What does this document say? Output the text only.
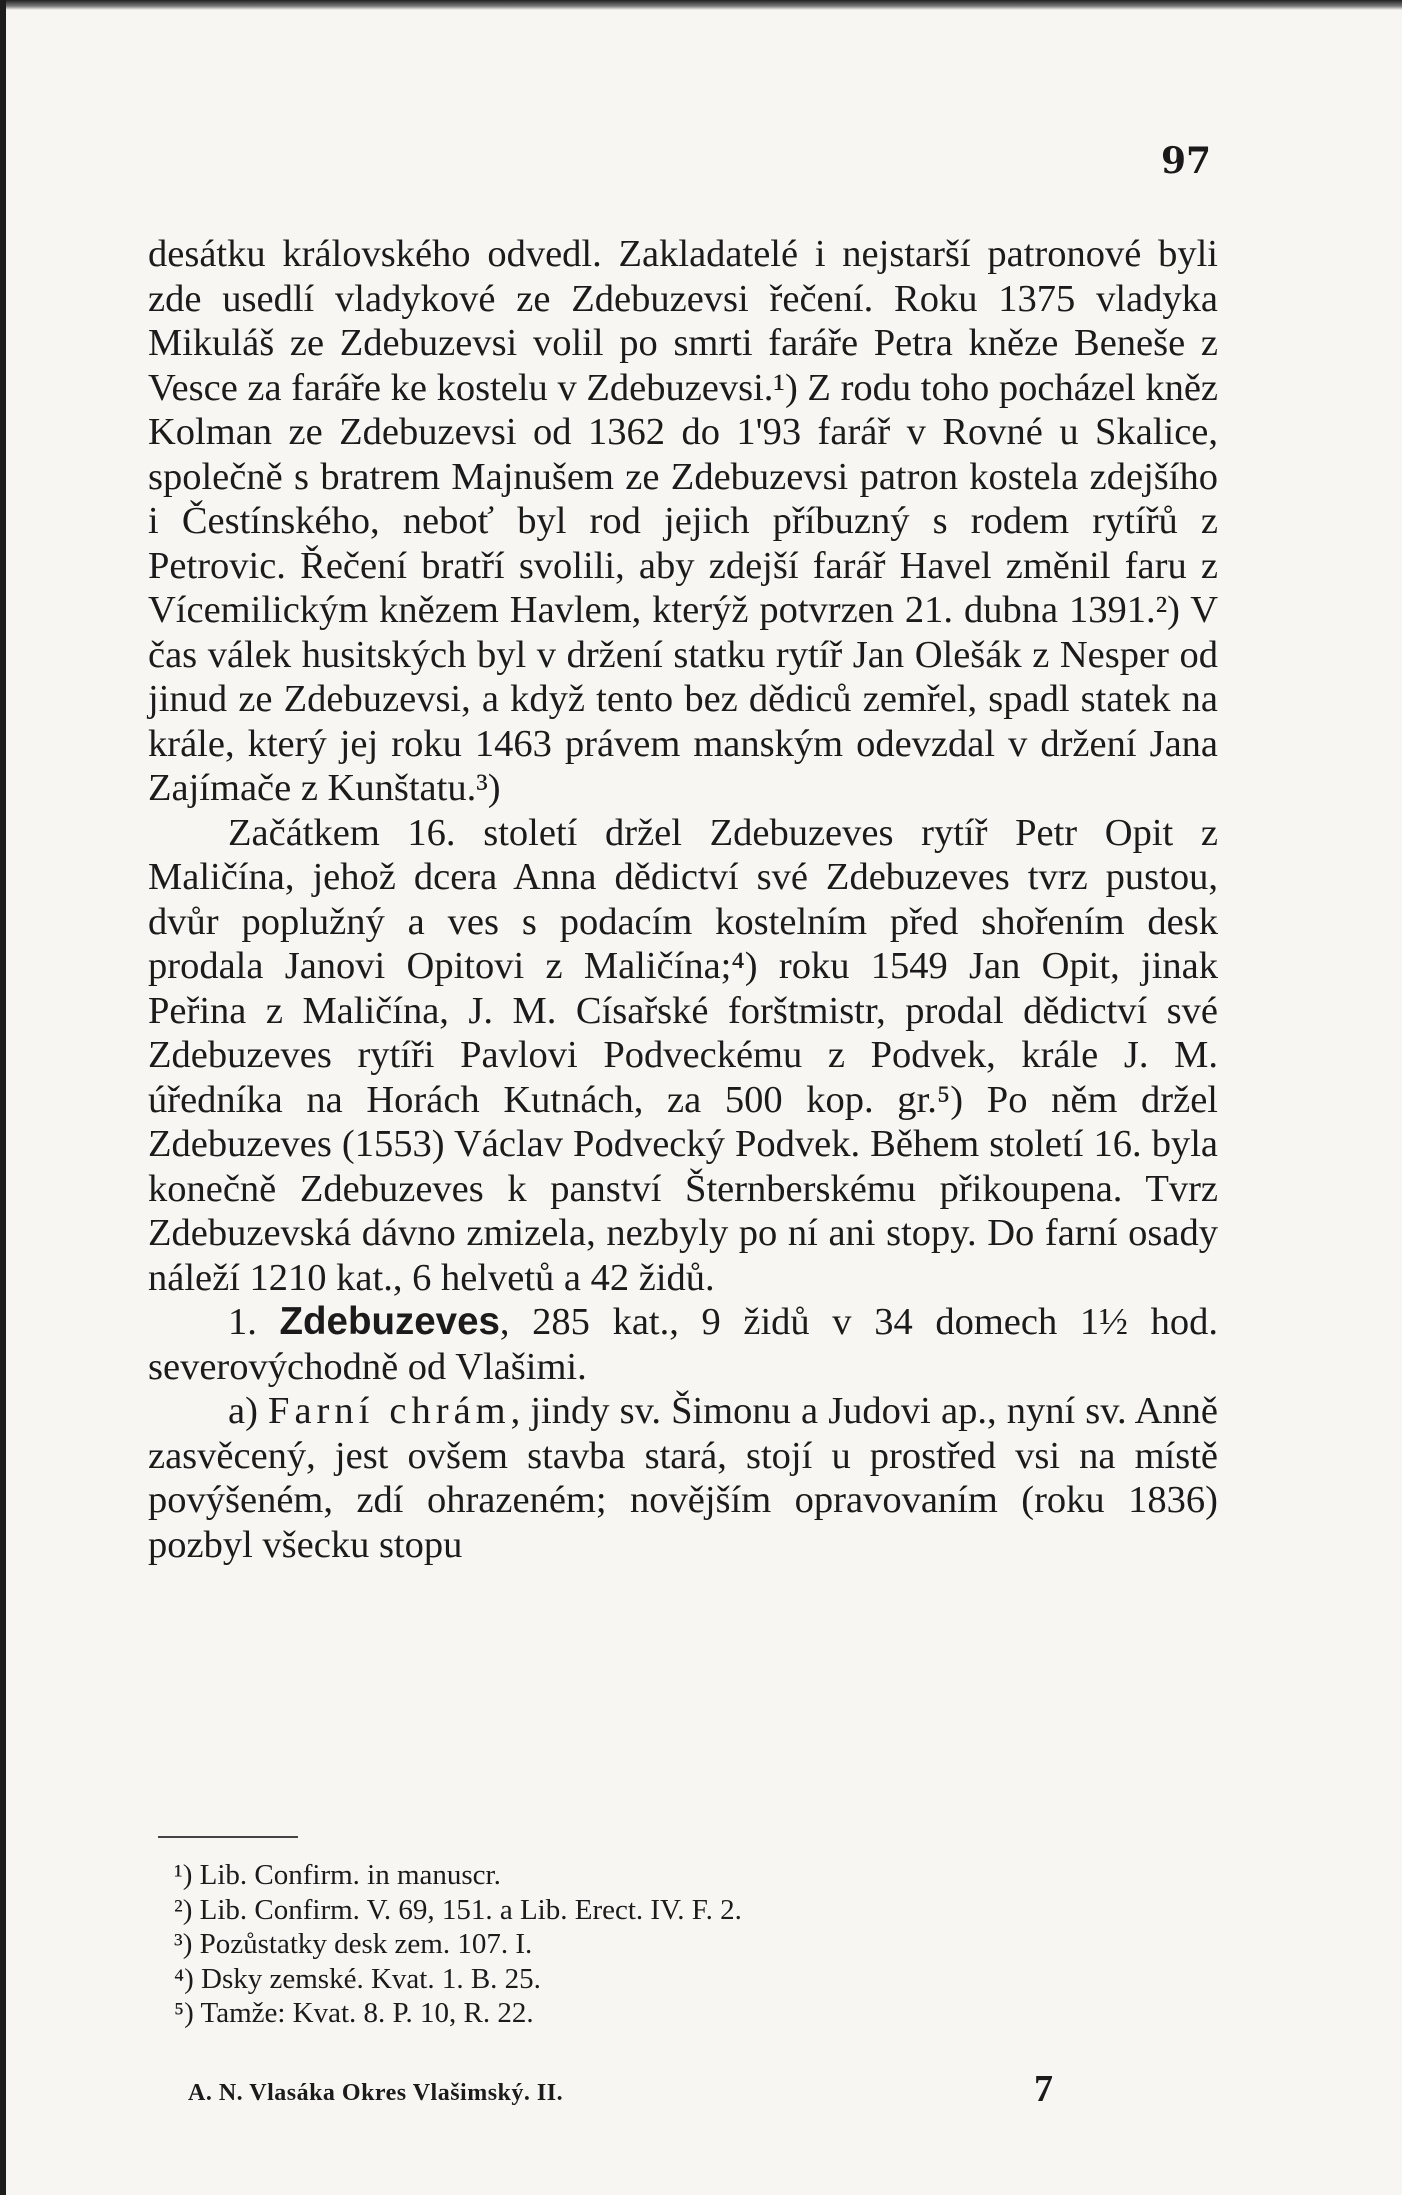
97

desátku královského odvedl. Zakladatelé i nejstarší patronové byli zde usedlí vladykové ze Zdebuzevsi řečení. Roku 1375 vladyka Mikuláš ze Zdebuzevsi volil po smrti faráře Petra kněze Beneše z Vesce za faráře ke kostelu v Zdebuzevsi.¹) Z rodu toho pocházel kněz Kolman ze Zdebuzevsi od 1362 do 1'93 farář v Rovné u Skalice, společně s bratrem Majnušem ze Zdebuzevsi patron kostela zdejšího i Čestínského, neboť byl rod jejich příbuzný s rodem rytířů z Petrovic. Řečení bratří svolili, aby zdejší farář Havel změnil faru z Vícemilickým knězem Havlem, kterýž potvrzen 21. dubna 1391.²) V čas válek husitských byl v držení statku rytíř Jan Olešák z Nesper od jinud ze Zdebuzevsi, a když tento bez dědiců zemřel, spadl statek na krále, který jej roku 1463 právem manským odevzdal v držení Jana Zajímače z Kunštatu.³)

Začátkem 16. století držel Zdebuzeves rytíř Petr Opit z Maličína, jehož dcera Anna dědictví své Zdebuzeves tvrz pustou, dvůr poplužný a ves s podacím kostelním před shořením desk prodala Janovi Opitovi z Maličína;⁴) roku 1549 Jan Opit, jinak Peřina z Maličína, J. M. Císařské forštmistr, prodal dědictví své Zdebuzeves rytíři Pavlovi Podveckému z Podvek, krále J. M. úředníka na Horách Kutnách, za 500 kop. gr.⁵) Po něm držel Zdebuzeves (1553) Václav Podvecký Podvek. Během století 16. byla konečně Zdebuzeves k panství Šternberskému přikoupena. Tvrz Zdebuzevská dávno zmizela, nezbyly po ní ani stopy. Do farní osady náleží 1210 kat., 6 helvetů a 42 židů.

1. Zdebuzeves, 285 kat., 9 židů v 34 domech 1½ hod. severovýchodně od Vlašimi.

a) Farní chrám, jindy sv. Šimonu a Judovi ap., nyní sv. Anně zasvěcený, jest ovšem stavba stará, stojí u prostřed vsi na místě povýšeném, zdí ohrazeném; novějším opravovaním (roku 1836) pozbyl všecku stopu

¹) Lib. Confirm. in manuscr.
²) Lib. Confirm. V. 69, 151. a Lib. Erect. IV. F. 2.
³) Pozůstatky desk zem. 107. I.
⁴) Dsky zemské. Kvat. 1. B. 25.
⁵) Tamže: Kvat. 8. P. 10, R. 22.
A. N. Vlasáka Okres Vlašimský. II.	7
